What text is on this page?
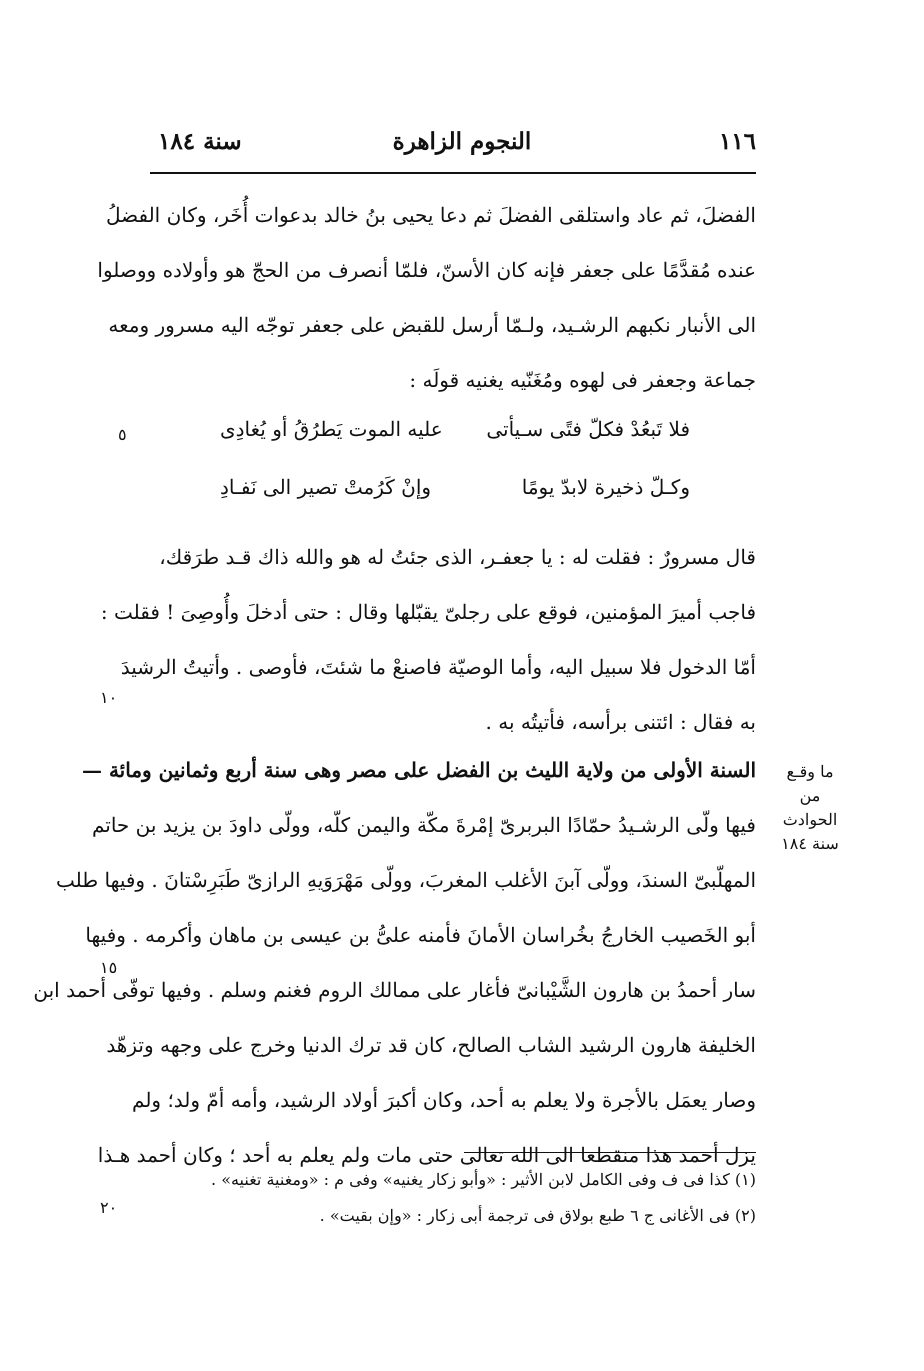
سنة ١٨٤	النجوم الزاهرة	١١٦
الفضلَ، ثم عاد واستلقى الفضلَ ثم دعا يحيى بنُ خالد بدعوات أُخَر، وكان الفضلُ
عنده مُقدَّمًا على جعفر فإنه كان الأسنّ، فلمّا أنصرف من الحجّ هو وأولاده ووصلوا
الى الأنبار نكبهم الرشـيد، ولـمّا أرسل للقبض على جعفر توجّه اليه مسرور ومعه
جماعة وجعفر فى لهوه ومُغَنّيه يغنيه قولَه :
فلا تَبعُدْ فكلّ فتًى سـيأتى
عليه الموت يَطرُقُ أو يُغادِى
وكـلّ ذخيرة لابدّ يومًا
وإنْ كَرُمتْ تصير الى نَفـادِ
قال مسرورٌ : فقلت له : يا جعفـر، الذى جئتُ له هو والله ذاك قـد طرَقك،
فاجب أميرَ المؤمنين، فوقع على رجلىّ يقبّلها وقال : حتى أدخلَ وأُوصِىَ ! فقلت :
أمّا الدخول فلا سبيل اليه، وأما الوصيّة فاصنعْ ما شئتَ، فأوصى . وأتيتُ الرشيدَ
به فقال : ائتنى برأسه، فأتيتُه به .
السنة الأولى من ولاية الليث بن الفضل على مصر وهى سنة أربع وثمانين ومائة —
فيها ولّى الرشـيدُ حمّادًا البربرىّ إمْرةَ مكّة واليمن كلّه، وولّى داودَ بن يزيد بن حاتم
المهلّبىّ السندَ، وولّى آبنَ الأغلب المغربَ، وولّى مَهْرَوَيهِ الرازىّ طَبَرِسْتانَ . وفيها طلب
أبو الخَصيب الخارجُ بخُراسان الأمانَ فأمنه علىُّ بن عيسى بن ماهان وأكرمه . وفيها
سار أحمدُ بن هارون الشَّيْبانىّ فأغار على ممالك الروم فغنم وسلم . وفيها توفّى أحمد ابن
الخليفة هارون الرشيد الشاب الصالح، كان قد ترك الدنيا وخرج على وجهه وتزهّد
وصار يعمَل بالأجرة ولا يعلم به أحد، وكان أكبرَ أولاد الرشيد، وأمه أمّ ولد؛ ولم
يزل أحمد هذا منقطعا الى الله تعالى حتى مات ولم يعلم به أحد ؛ وكان أحمد هـذا
ما وقـع
من الحوادث
سنة ١٨٤
٥
١٠
١٥
٢٠
(١) كذا فى ف وفى الكامل لابن الأثير : «وأبو زكار يغنيه» وفى م : «ومغنية تغنيه» .
(٢) فى الأغانى ج ٦ طبع بولاق فى ترجمة أبى زكار : «وإن بقيت» .
